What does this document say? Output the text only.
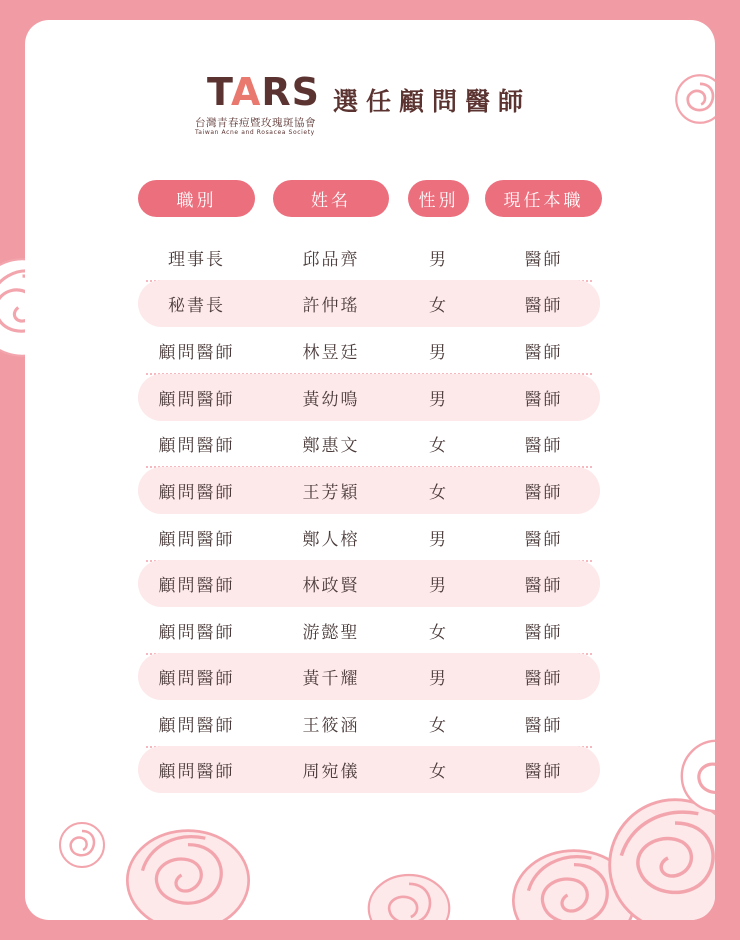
TARS
台灣青春痘暨玫瑰斑協會
Taiwan Acne and Rosacea Society
選任顧問醫師
職別	姓名	性別	現任本職
理事長	邱品齊	男	醫師
秘書長	許仲瑤	女	醫師
顧問醫師	林昱廷	男	醫師
顧問醫師	黃幼鳴	男	醫師
顧問醫師	鄭惠文	女	醫師
顧問醫師	王芳穎	女	醫師
顧問醫師	鄭人榕	男	醫師
顧問醫師	林政賢	男	醫師
顧問醫師	游懿聖	女	醫師
顧問醫師	黃千耀	男	醫師
顧問醫師	王筱涵	女	醫師
顧問醫師	周宛儀	女	醫師
